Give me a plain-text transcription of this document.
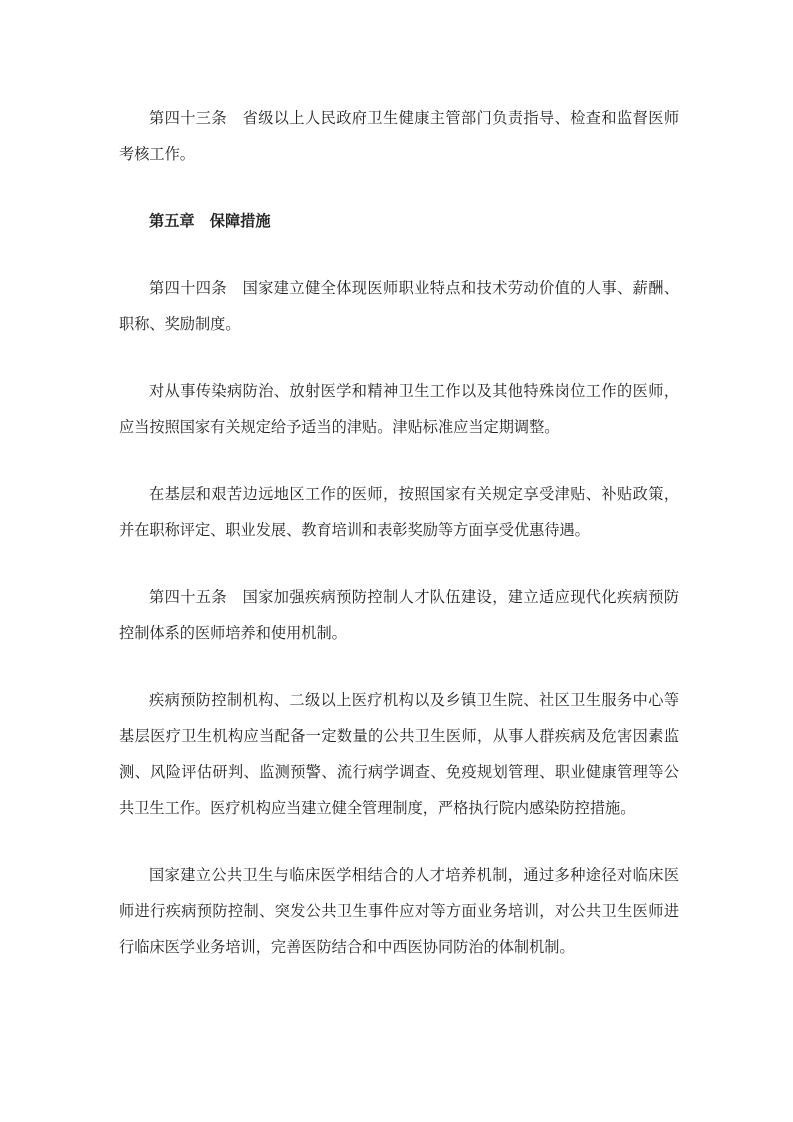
第四十三条　省级以上人民政府卫生健康主管部门负责指导、检查和监督医师考核工作。

第五章　保障措施

第四十四条　国家建立健全体现医师职业特点和技术劳动价值的人事、薪酬、职称、奖励制度。

对从事传染病防治、放射医学和精神卫生工作以及其他特殊岗位工作的医师，应当按照国家有关规定给予适当的津贴。津贴标准应当定期调整。

在基层和艰苦边远地区工作的医师，按照国家有关规定享受津贴、补贴政策，并在职称评定、职业发展、教育培训和表彰奖励等方面享受优惠待遇。

第四十五条　国家加强疾病预防控制人才队伍建设，建立适应现代化疾病预防控制体系的医师培养和使用机制。

疾病预防控制机构、二级以上医疗机构以及乡镇卫生院、社区卫生服务中心等基层医疗卫生机构应当配备一定数量的公共卫生医师，从事人群疾病及危害因素监测、风险评估研判、监测预警、流行病学调查、免疫规划管理、职业健康管理等公共卫生工作。医疗机构应当建立健全管理制度，严格执行院内感染防控措施。

国家建立公共卫生与临床医学相结合的人才培养机制，通过多种途径对临床医师进行疾病预防控制、突发公共卫生事件应对等方面业务培训，对公共卫生医师进行临床医学业务培训，完善医防结合和中西医协同防治的体制机制。
